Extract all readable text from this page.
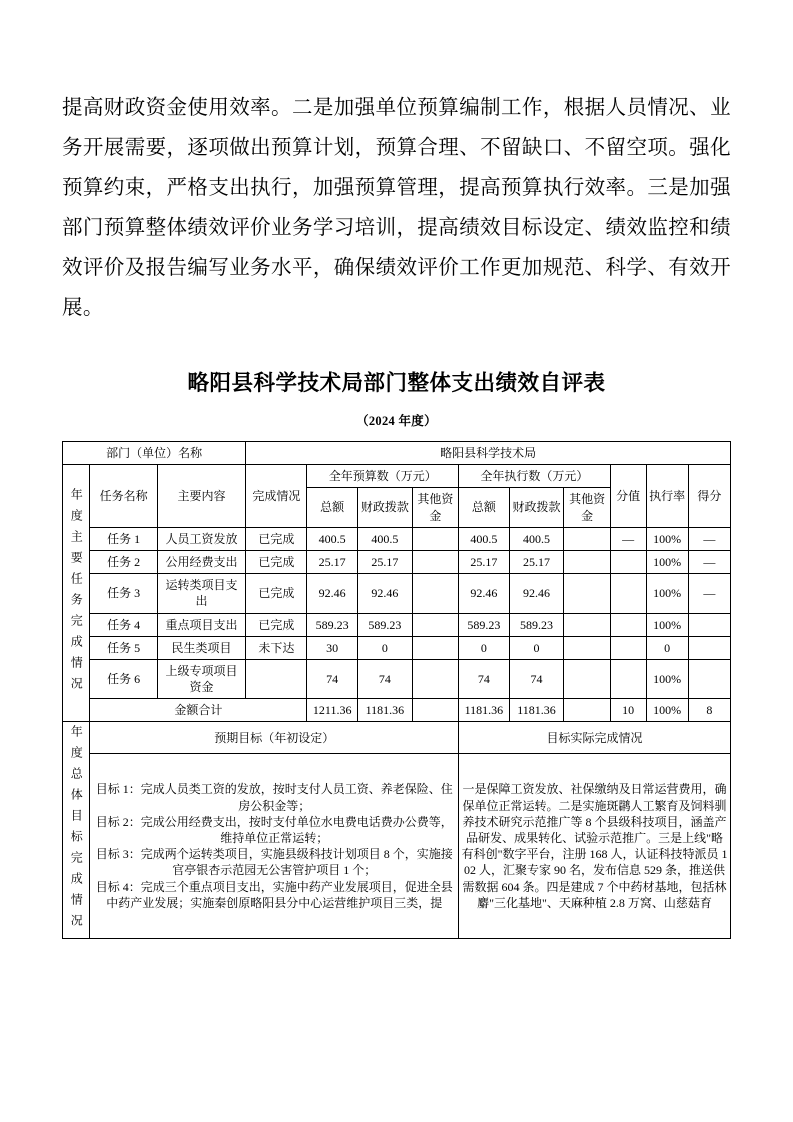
提高财政资金使用效率。二是加强单位预算编制工作，根据人员情况、业务开展需要，逐项做出预算计划，预算合理、不留缺口、不留空项。强化预算约束，严格支出执行，加强预算管理，提高预算执行效率。三是加强部门预算整体绩效评价业务学习培训，提高绩效目标设定、绩效监控和绩效评价及报告编写业务水平，确保绩效评价工作更加规范、科学、有效开展。
略阳县科学技术局部门整体支出绩效自评表
（2024 年度）
部门（单位）名称			略阳县科学技术局									

年度主要任务完成情况	任务名称	主要内容	完成情况	全年预算数（万元）			全年执行数（万元）			分值	执行率	得分
				总额	财政拨款	其他资金	总额	财政拨款	其他资金			
	任务 1	人员工资发放	已完成	400.5	400.5		400.5	400.5		—	100%	—
	任务 2	公用经费支出	已完成	25.17	25.17		25.17	25.17			100%	—
	任务 3	运转类项目支出	已完成	92.46	92.46		92.46	92.46			100%	—
	任务 4	重点项目支出	已完成	589.23	589.23		589.23	589.23			100%	
	任务 5	民生类项目	未下达	30	0		0	0			0	
	任务 6	上级专项项目资金		74	74		74	74			100%	
	金额合计			1211.36	1181.36		1181.36	1181.36		10	100%	8

年度总体目标完成情况	预期目标（年初设定）						目标实际完成情况					

	目标 1：完成人员类工资的发放，按时支付人员工资、养老保险、住房公积金等；

目标 2：完成公用经费支出，按时支付单位水电费电话费办公费等，维持单位正常运转；

目标 3：完成两个运转类项目，实施县级科技计划项目 8 个，实施接官亭银杏示范园无公害管护项目 1 个；

目标 4：完成三个重点项目支出，实施中药产业发展项目，促进全县中药产业发展；实施秦创原略阳县分中心运营维护项目三类，提						一是保障工资发放、社保缴纳及日常运营费用，确保单位正常运转。二是实施斑䴙人工繁育及饲料驯养技术研究示范推广等 8 个县级科技项目，涵盖产品研发、成果转化、试验示范推广。三是上线"略有科创"数字平台，注册 168 人，认证科技特派员 102 人，汇聚专家 90 名，发布信息 529 条，推送供需数据 604 条。四是建成 7 个中药材基地，包括林麝"三化基地"、天麻种植 2.8 万窝、山慈菇育					
